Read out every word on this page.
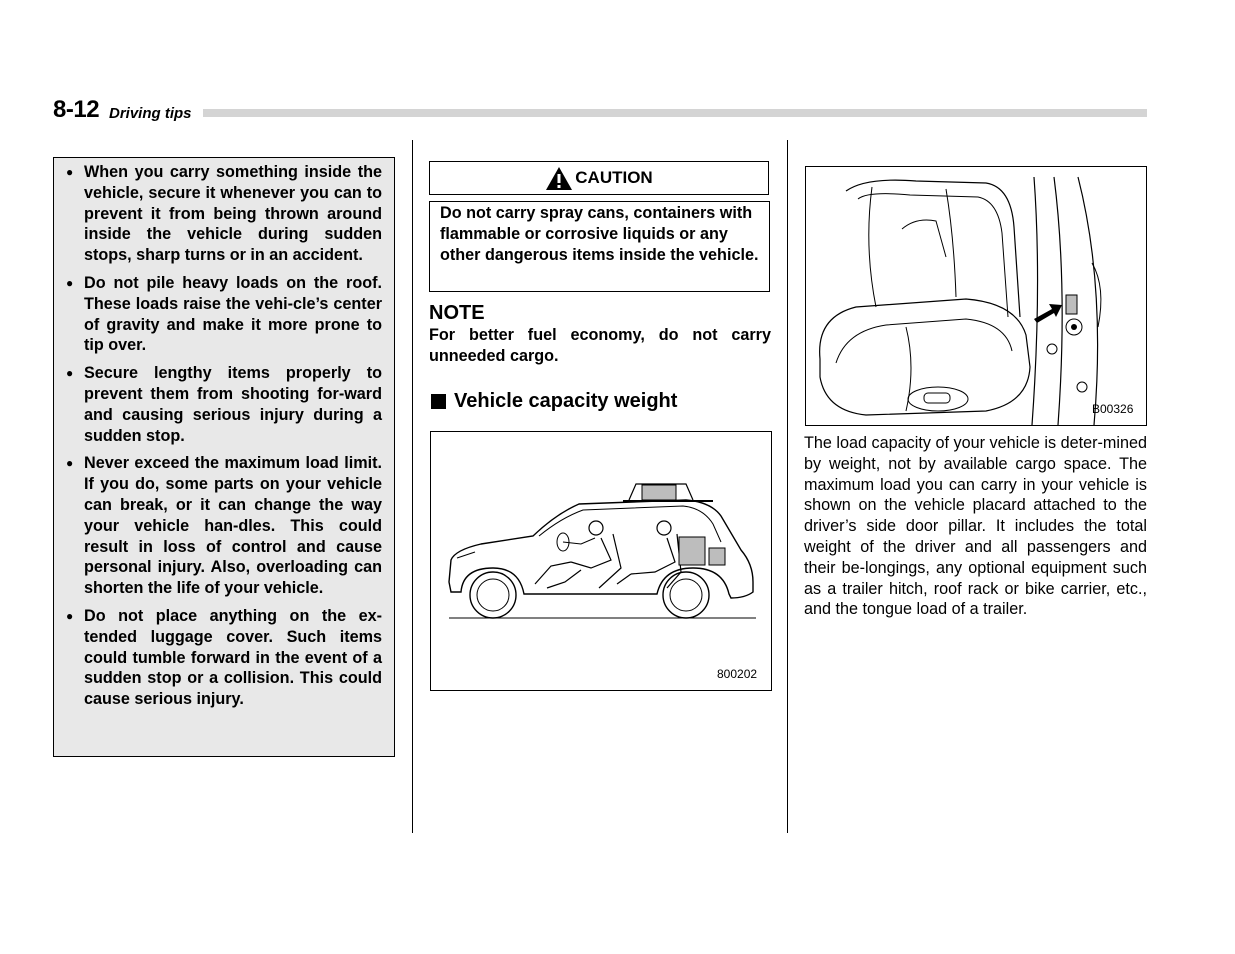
8-12 Driving tips
● When you carry something inside the vehicle, secure it whenever you can to prevent it from being thrown around inside the vehicle during sudden stops, sharp turns or in an accident.
● Do not pile heavy loads on the roof. These loads raise the vehi-cle’s center of gravity and make it more prone to tip over.
● Secure lengthy items properly to prevent them from shooting for-ward and causing serious injury during a sudden stop.
● Never exceed the maximum load limit. If you do, some parts on your vehicle can break, or it can change the way your vehicle han-dles. This could result in loss of control and cause personal injury. Also, overloading can shorten the life of your vehicle.
● Do not place anything on the ex-tended luggage cover. Such items could tumble forward in the event of a sudden stop or a collision. This could cause serious injury.
CAUTION
Do not carry spray cans, containers with flammable or corrosive liquids or any other dangerous items inside the vehicle.
NOTE
For better fuel economy, do not carry unneeded cargo.
Vehicle capacity weight
800202
B00326
The load capacity of your vehicle is deter-mined by weight, not by available cargo space. The maximum load you can carry in your vehicle is shown on the vehicle placard attached to the driver’s side door pillar. It includes the total weight of the driver and all passengers and their be-longings, any optional equipment such as a trailer hitch, roof rack or bike carrier, etc., and the tongue load of a trailer.
